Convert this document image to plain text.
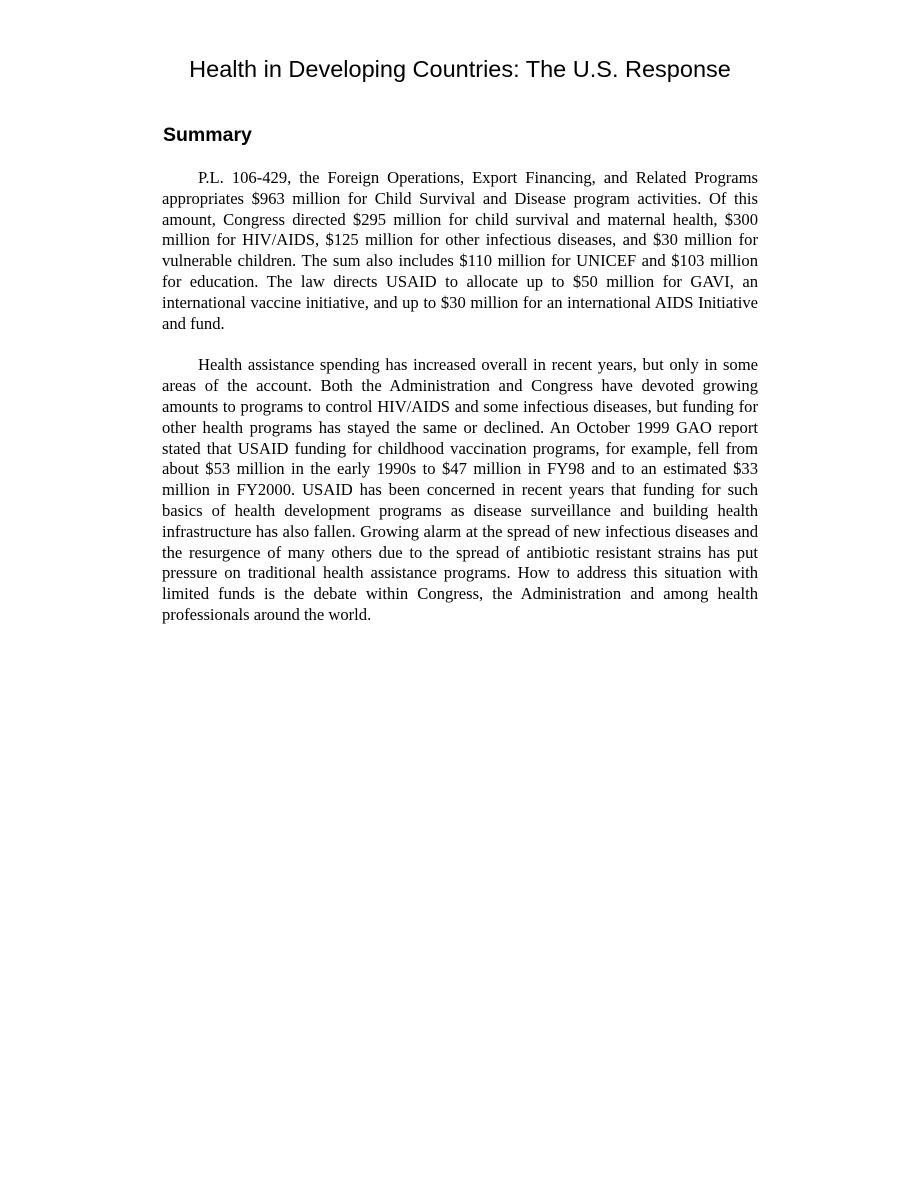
Health in Developing Countries: The U.S. Response
Summary

P.L. 106-429, the Foreign Operations, Export Financing, and Related Programs appropriates $963 million for Child Survival and Disease program activities. Of this amount, Congress directed $295 million for child survival and maternal health, $300 million for HIV/AIDS, $125 million for other infectious diseases, and $30 million for vulnerable children. The sum also includes $110 million for UNICEF and $103 million for education. The law directs USAID to allocate up to $50 million for GAVI, an international vaccine initiative, and up to $30 million for an international AIDS Initiative and fund.

Health assistance spending has increased overall in recent years, but only in some areas of the account. Both the Administration and Congress have devoted growing amounts to programs to control HIV/AIDS and some infectious diseases, but funding for other health programs has stayed the same or declined. An October 1999 GAO report stated that USAID funding for childhood vaccination programs, for example, fell from about $53 million in the early 1990s to $47 million in FY98 and to an estimated $33 million in FY2000. USAID has been concerned in recent years that funding for such basics of health development programs as disease surveillance and building health infrastructure has also fallen. Growing alarm at the spread of new infectious diseases and the resurgence of many others due to the spread of antibiotic resistant strains has put pressure on traditional health assistance programs. How to address this situation with limited funds is the debate within Congress, the Administration and among health professionals around the world.
